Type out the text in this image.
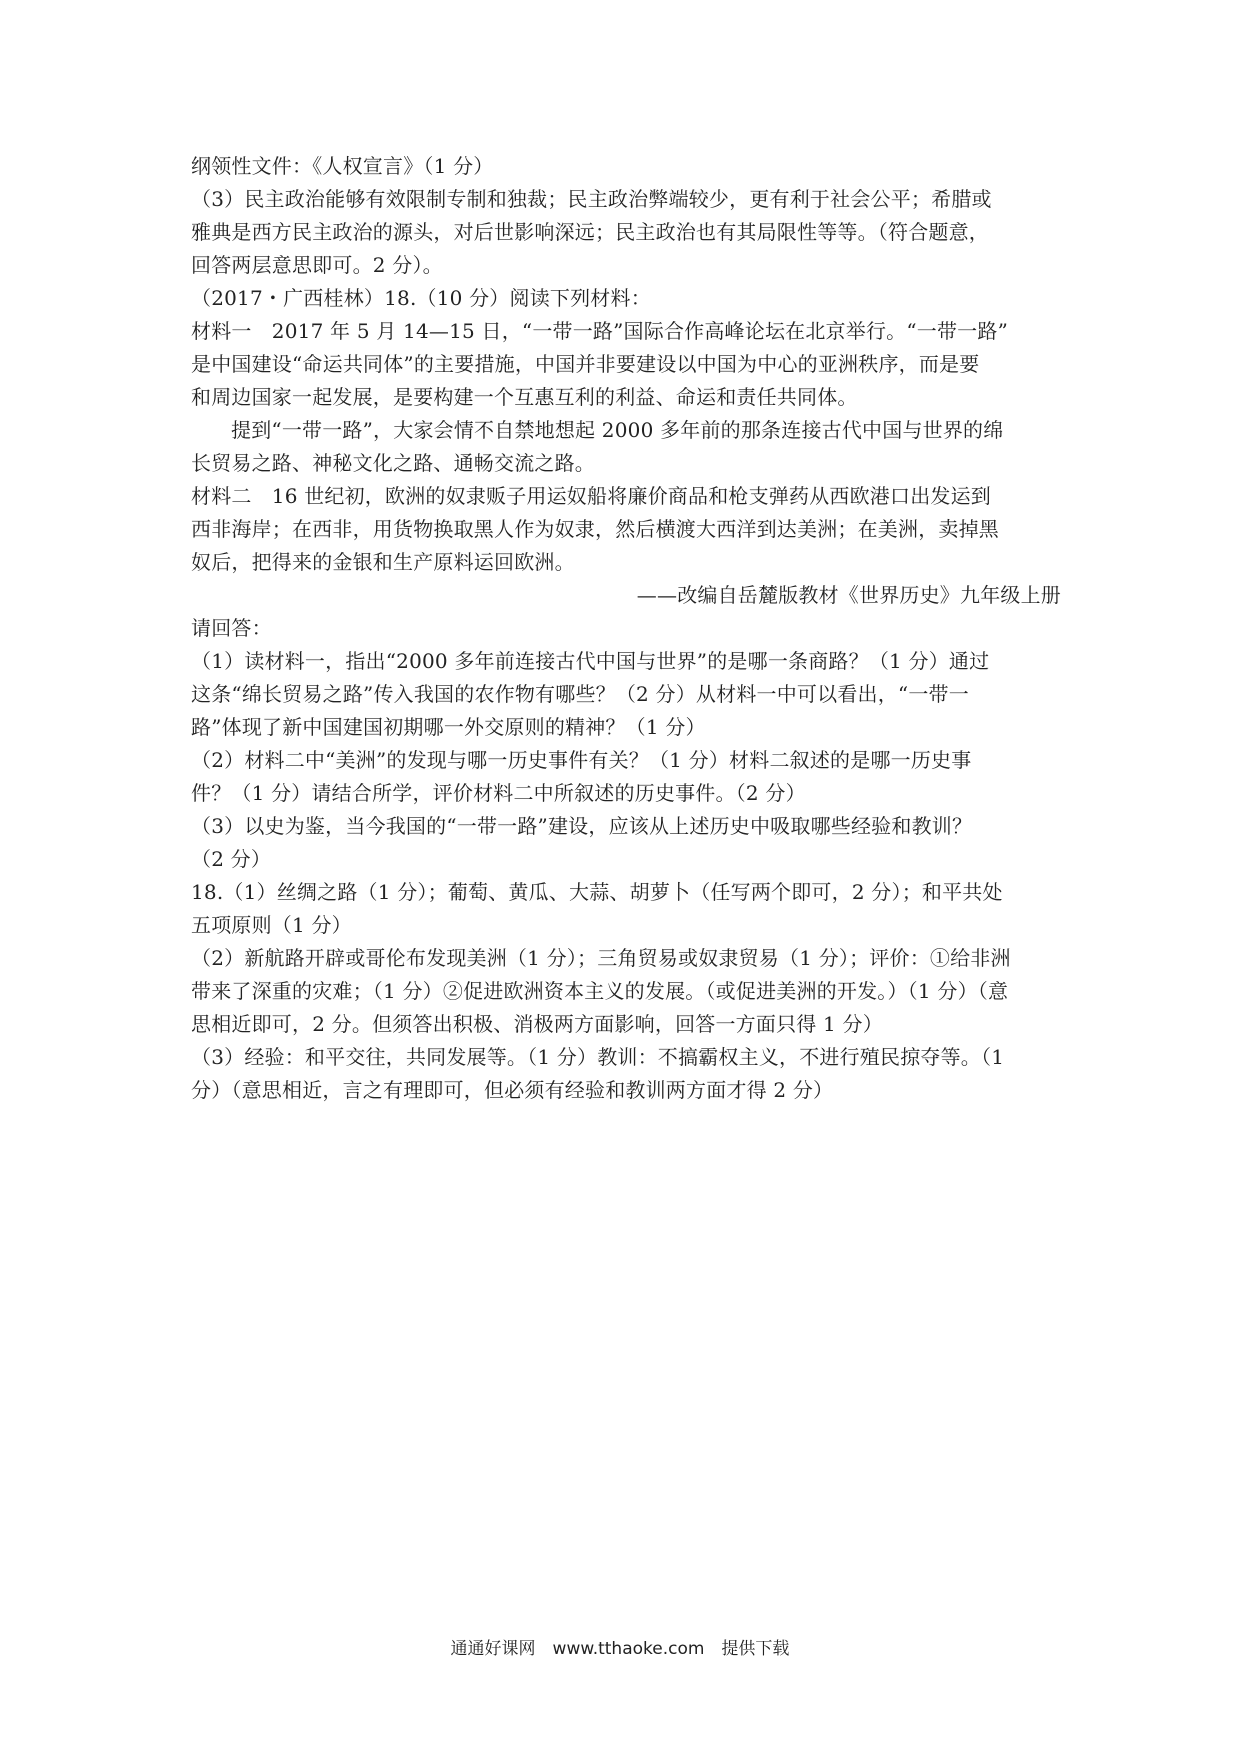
纲领性文件：《人权宣言》（1 分）
（3）民主政治能够有效限制专制和独裁；民主政治弊端较少，更有利于社会公平；希腊或
雅典是西方民主政治的源头，对后世影响深远；民主政治也有其局限性等等。（符合题意，
回答两层意思即可。2 分）。
（2017・广西桂林）18.（10 分）阅读下列材料：
材料一　2017 年 5 月 14—15 日，“一带一路”国际合作高峰论坛在北京举行。“一带一路”
是中国建设“命运共同体”的主要措施，中国并非要建设以中国为中心的亚洲秩序，而是要
和周边国家一起发展，是要构建一个互惠互利的利益、命运和责任共同体。
提到“一带一路”，大家会情不自禁地想起 2000 多年前的那条连接古代中国与世界的绵
长贸易之路、神秘文化之路、通畅交流之路。
材料二　16 世纪初，欧洲的奴隶贩子用运奴船将廉价商品和枪支弹药从西欧港口出发运到
西非海岸；在西非，用货物换取黑人作为奴隶，然后横渡大西洋到达美洲；在美洲，卖掉黑
奴后，把得来的金银和生产原料运回欧洲。
——改编自岳麓版教材《世界历史》九年级上册
请回答：
（1）读材料一，指出“2000 多年前连接古代中国与世界”的是哪一条商路？（1 分）通过
这条“绵长贸易之路”传入我国的农作物有哪些？（2 分）从材料一中可以看出，“一带一
路”体现了新中国建国初期哪一外交原则的精神？（1 分）
（2）材料二中“美洲”的发现与哪一历史事件有关？（1 分）材料二叙述的是哪一历史事
件？（1 分）请结合所学，评价材料二中所叙述的历史事件。（2 分）
（3）以史为鉴，当今我国的“一带一路”建设，应该从上述历史中吸取哪些经验和教训？
（2 分）
18.（1）丝绸之路（1 分）；葡萄、黄瓜、大蒜、胡萝卜（任写两个即可，2 分）；和平共处
五项原则（1 分）
（2）新航路开辟或哥伦布发现美洲（1 分）；三角贸易或奴隶贸易（1 分）；评价：①给非洲
带来了深重的灾难；（1 分）②促进欧洲资本主义的发展。（或促进美洲的开发。）（1 分）（意
思相近即可，2 分。但须答出积极、消极两方面影响，回答一方面只得 1 分）
（3）经验：和平交往，共同发展等。（1 分）教训：不搞霸权主义，不进行殖民掠夺等。（1
分）（意思相近，言之有理即可，但必须有经验和教训两方面才得 2 分）
通通好课网　www.tthaoke.com　提供下载
